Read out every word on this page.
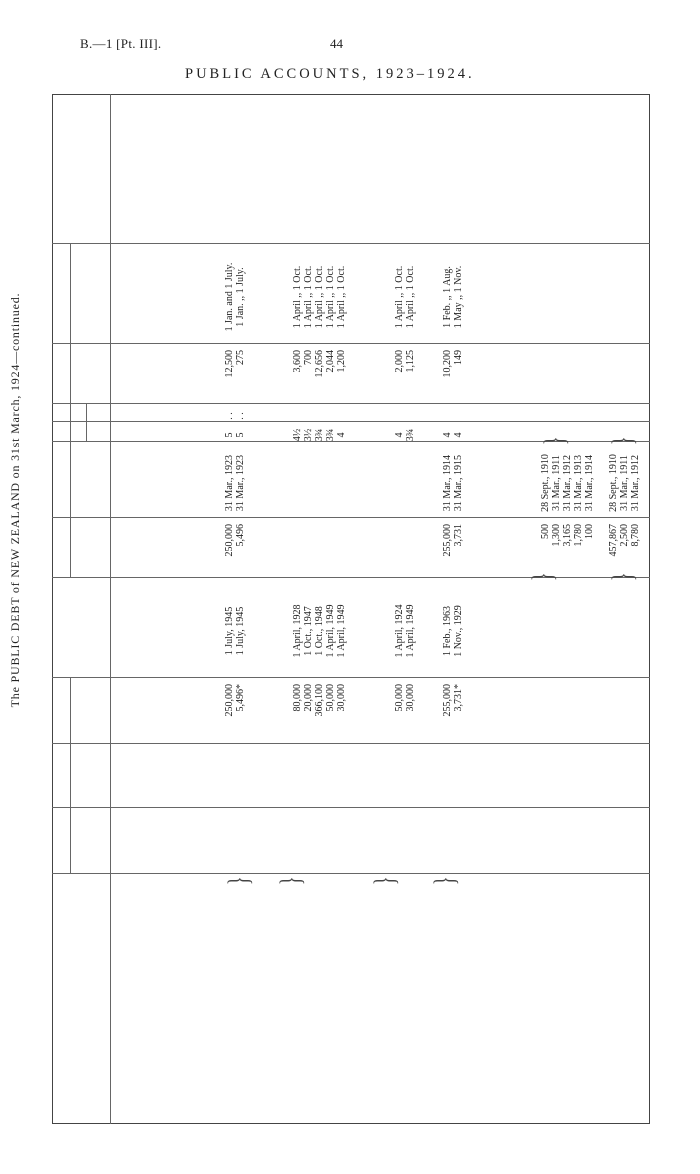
B.—1 [Pt. III].	44
PUBLIC ACCOUNTS, 1923–1924.
The PUBLIC DEBT of NEW ZEALAND on 31st March, 1924—continued.	250,000 5,496*
1 July, 1945 1 July, 1945
250,000 5,496
31 Mar., 1923 31 Mar., 1923
5 5
. . . .
12,500 275
1 Jan. and 1 July. 1 Jan. ,, 1 July.
80,000 20,000 366,100 50,000 30,000
1 April, 1928 1 Oct., 1947 1 Oct., 1948 1 April, 1949 1 April, 1949
4½ 3½ 3¾ 3¾ 4
3,600 700 12,656 2,044 1,200
1 April ,, 1 Oct. 1 April ,, 1 Oct. 1 April ,, 1 Oct. 1 April ,, 1 Oct. 1 April ,, 1 Oct.
50,000 30,000
1 April, 1924 1 April, 1949
4 3¾
2,000 1,125
1 April ,, 1 Oct. 1 April ,, 1 Oct.
255,000 3,731*
1 Feb., 1963 1 Nov., 1929
255,000 3,731
31 Mar., 1914 31 Mar., 1915
4 4
10,200 149
1 Feb. ,, 1 Aug. 1 May ,, 1 Nov.
500 1,300 3,165 1,780 100
28 Sept., 1910 31 Mar., 1911 31 Mar., 1912 31 Mar., 1913 31 Mar., 1914
457,867 2,500 8,780
28 Sept., 1910 31 Mar., 1911 31 Mar., 1912
} } } }
} }
} }
